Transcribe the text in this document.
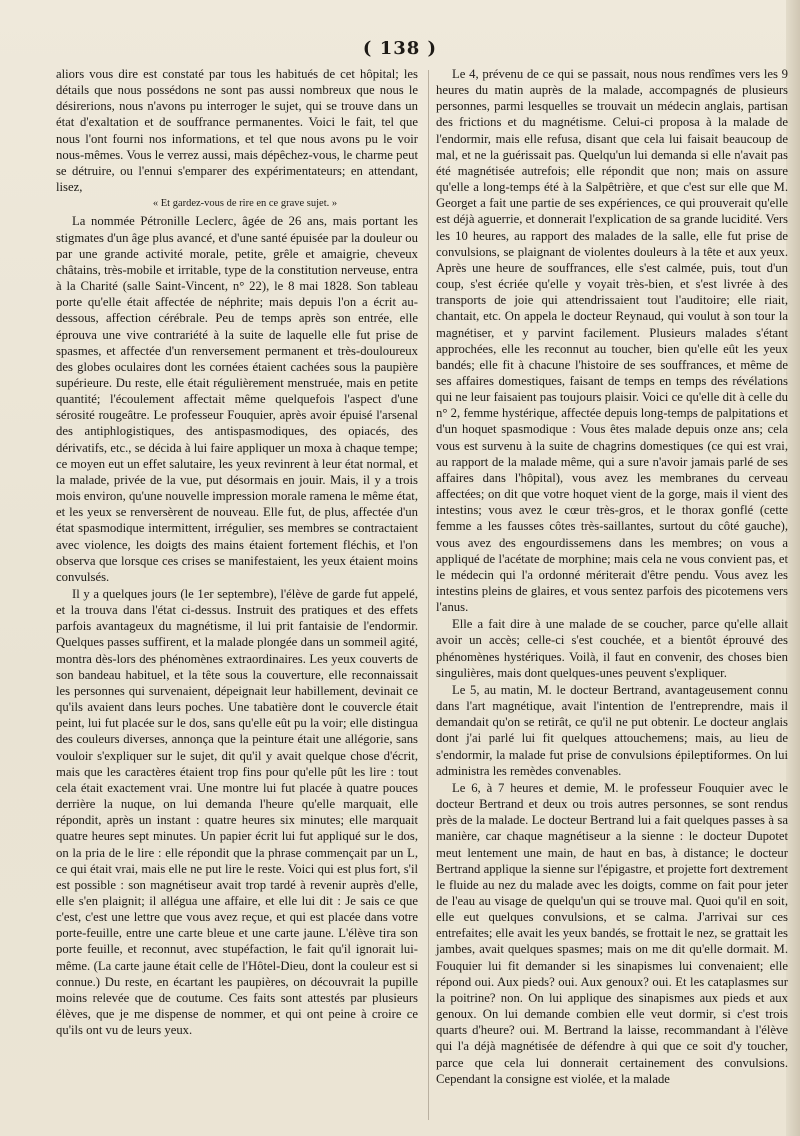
( 138 )

aliors vous dire est constaté par tous les habitués de cet hôpital; les détails que nous possédons ne sont pas aussi nombreux que nous le désirerions, nous n'avons pu interroger le sujet, qui se trouve dans un état d'exaltation et de souffrance permanentes. Voici le fait, tel que nous l'ont fourni nos informations, et tel que nous avons pu le voir nous-mêmes. Vous le verrez aussi, mais dépêchez-vous, le charme peut se détruire, ou l'ennui s'emparer des expérimentateurs; en attendant, lisez,

« Et gardez-vous de rire en ce grave sujet. »

La nommée Pétronille Leclerc, âgée de 26 ans, mais portant les stigmates d'un âge plus avancé, et d'une santé épuisée par la douleur ou par une grande activité morale, petite, grêle et amaigrie, cheveux châtains, très-mobile et irritable, type de la constitution nerveuse, entra à la Charité (salle Saint-Vincent, n° 22), le 8 mai 1828. Son tableau porte qu'elle était affectée de néphrite; mais depuis l'on a écrit au-dessous, affection cérébrale. Peu de temps après son entrée, elle éprouva une vive contrariété à la suite de laquelle elle fut prise de spasmes, et affectée d'un renversement permanent et très-douloureux des globes oculaires dont les cornées étaient cachées sous la paupière supérieure. Du reste, elle était régulièrement menstruée, mais en petite quantité; l'écoulement affectait même quelquefois l'aspect d'une sérosité rougeâtre. Le professeur Fouquier, après avoir épuisé l'arsenal des antiphlogistiques, des antispasmodiques, des opiacés, des dérivatifs, etc., se décida à lui faire appliquer un moxa à chaque tempe; ce moyen eut un effet salutaire, les yeux revinrent à leur état normal, et la malade, privée de la vue, put désormais en jouir. Mais, il y a trois mois environ, qu'une nouvelle impression morale ramena le même état, et les yeux se renversèrent de nouveau. Elle fut, de plus, affectée d'un état spasmodique intermittent, irrégulier, ses membres se contractaient avec violence, les doigts des mains étaient fortement fléchis, et l'on observa que lorsque ces crises se manifestaient, les yeux étaient moins convulsés.

Il y a quelques jours (le 1er septembre), l'élève de garde fut appelé, et la trouva dans l'état ci-dessus. Instruit des pratiques et des effets parfois avantageux du magnétisme, il lui prit fantaisie de l'endormir. Quelques passes suffirent, et la malade plongée dans un sommeil agité, montra dès-lors des phénomènes extraordinaires. Les yeux couverts de son bandeau habituel, et la tête sous la couverture, elle reconnaissait les personnes qui survenaient, dépeignait leur habillement, devinait ce qu'ils avaient dans leurs poches. Une tabatière dont le couvercle était peint, lui fut placée sur le dos, sans qu'elle eût pu la voir; elle distingua des couleurs diverses, annonça que la peinture était une allégorie, sans vouloir s'expliquer sur le sujet, dit qu'il y avait quelque chose d'écrit, mais que les caractères étaient trop fins pour qu'elle pût les lire : tout cela était exactement vrai. Une montre lui fut placée à quatre pouces derrière la nuque, on lui demanda l'heure qu'elle marquait, elle répondit, après un instant : quatre heures six minutes; elle marquait quatre heures sept minutes. Un papier écrit lui fut appliqué sur le dos, on la pria de le lire : elle répondit que la phrase commençait par un L, ce qui était vrai, mais elle ne put lire le reste. Voici qui est plus fort, s'il est possible : son magnétiseur avait trop tardé à revenir auprès d'elle, elle s'en plaignit; il allégua une affaire, et elle lui dit : Je sais ce que c'est, c'est une lettre que vous avez reçue, et qui est placée dans votre porte-feuille, entre une carte bleue et une carte jaune. L'élève tira son porte feuille, et reconnut, avec stupéfaction, le fait qu'il ignorait lui-même. (La carte jaune était celle de l'Hôtel-Dieu, dont la couleur est si connue.) Du reste, en écartant les paupières, on découvrait la pupille moins relevée que de coutume. Ces faits sont attestés par plusieurs élèves, que je me dispense de nommer, et qui ont peine à croire ce qu'ils ont vu de leurs yeux.

Le 4, prévenu de ce qui se passait, nous nous rendîmes vers les 9 heures du matin auprès de la malade, accompagnés de plusieurs personnes, parmi lesquelles se trouvait un médecin anglais, partisan des frictions et du magnétisme. Celui-ci proposa à la malade de l'endormir, mais elle refusa, disant que cela lui faisait beaucoup de mal, et ne la guérissait pas. Quelqu'un lui demanda si elle n'avait pas été magnétisée autrefois; elle répondit que non; mais on assure qu'elle a long-temps été à la Salpêtrière, et que c'est sur elle que M. Georget a fait une partie de ses expériences, ce qui prouverait qu'elle est déjà aguerrie, et donnerait l'explication de sa grande lucidité. Vers les 10 heures, au rapport des malades de la salle, elle fut prise de convulsions, se plaignant de violentes douleurs à la tête et aux yeux. Après une heure de souffrances, elle s'est calmée, puis, tout d'un coup, s'est écriée qu'elle y voyait très-bien, et s'est livrée à des transports de joie qui attendrissaient tout l'auditoire; elle riait, chantait, etc. On appela le docteur Reynaud, qui voulut à son tour la magnétiser, et y parvint facilement. Plusieurs malades s'étant approchées, elle les reconnut au toucher, bien qu'elle eût les yeux bandés; elle fit à chacune l'histoire de ses souffrances, et même de ses affaires domestiques, faisant de temps en temps des révélations qui ne leur faisaient pas toujours plaisir. Voici ce qu'elle dit à celle du n° 2, femme hystérique, affectée depuis long-temps de palpitations et d'un hoquet spasmodique : Vous êtes malade depuis onze ans; cela vous est survenu à la suite de chagrins domestiques (ce qui est vrai, au rapport de la malade même, qui a sure n'avoir jamais parlé de ses affaires dans l'hôpital), vous avez les membranes du cerveau affectées; on dit que votre hoquet vient de la gorge, mais il vient des intestins; vous avez le cœur très-gros, et le thorax gonflé (cette femme a les fausses côtes très-saillantes, surtout du côté gauche), vous avez des engourdissemens dans les membres; on vous a appliqué de l'acétate de morphine; mais cela ne vous convient pas, et le médecin qui l'a ordonné mériterait d'être pendu. Vous avez les intestins pleins de glaires, et vous sentez parfois des picotemens vers l'anus.

Elle a fait dire à une malade de se coucher, parce qu'elle allait avoir un accès; celle-ci s'est couchée, et a bientôt éprouvé des phénomènes hystériques. Voilà, il faut en convenir, des choses bien singulières, mais dont quelques-unes peuvent s'expliquer.

Le 5, au matin, M. le docteur Bertrand, avantageusement connu dans l'art magnétique, avait l'intention de l'entreprendre, mais il demandait qu'on se retirât, ce qu'il ne put obtenir. Le docteur anglais dont j'ai parlé lui fit quelques attouchemens; mais, au lieu de s'endormir, la malade fut prise de convulsions épileptiformes. On lui administra les remèdes convenables.

Le 6, à 7 heures et demie, M. le professeur Fouquier avec le docteur Bertrand et deux ou trois autres personnes, se sont rendus près de la malade. Le docteur Bertrand lui a fait quelques passes à sa manière, car chaque magnétiseur a la sienne : le docteur Dupotet meut lentement une main, de haut en bas, à distance; le docteur Bertrand applique la sienne sur l'épigastre, et projette fort dextrement le fluide au nez du malade avec les doigts, comme on fait pour jeter de l'eau au visage de quelqu'un qui se trouve mal. Quoi qu'il en soit, elle eut quelques convulsions, et se calma. J'arrivai sur ces entrefaites; elle avait les yeux bandés, se frottait le nez, se grattait les jambes, avait quelques spasmes; mais on me dit qu'elle dormait. M. Fouquier lui fit demander si les sinapismes lui convenaient; elle répond oui. Aux pieds? oui. Aux genoux? oui. Et les cataplasmes sur la poitrine? non. On lui applique des sinapismes aux pieds et aux genoux. On lui demande combien elle veut dormir, si c'est trois quarts d'heure? oui. M. Bertrand la laisse, recommandant à l'élève qui l'a déjà magnétisée de défendre à qui que ce soit d'y toucher, parce que cela lui donnerait certainement des convulsions. Cependant la consigne est violée, et la malade
